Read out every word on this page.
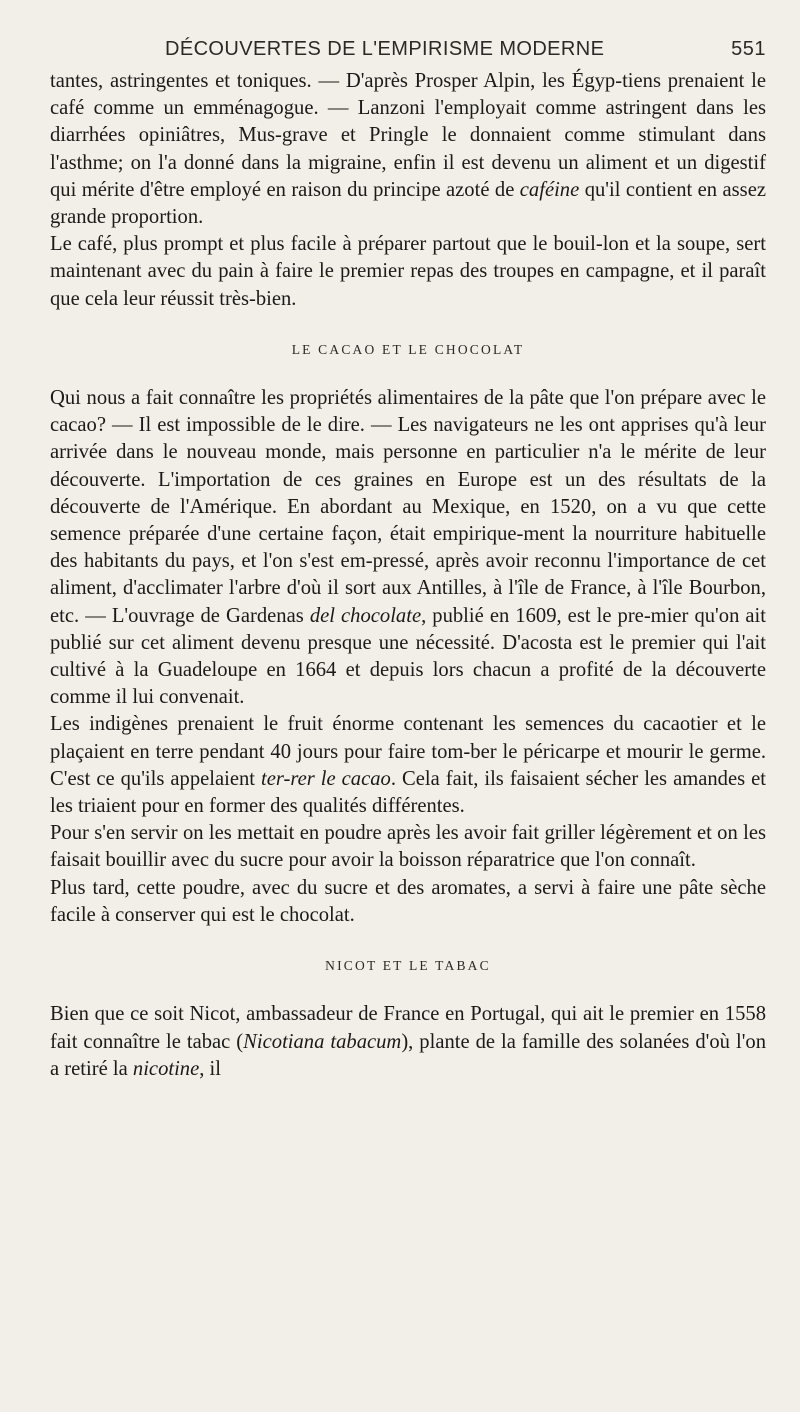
DÉCOUVERTES DE L'EMPIRISME MODERNE	551

tantes, astringentes et toniques. — D'après Prosper Alpin, les Égyp-tiens prenaient le café comme un emménagogue. — Lanzoni l'employait comme astringent dans les diarrhées opiniâtres, Mus-grave et Pringle le donnaient comme stimulant dans l'asthme; on l'a donné dans la migraine, enfin il est devenu un aliment et un digestif qui mérite d'être employé en raison du principe azoté de caféine qu'il contient en assez grande proportion.

Le café, plus prompt et plus facile à préparer partout que le bouil-lon et la soupe, sert maintenant avec du pain à faire le premier repas des troupes en campagne, et il paraît que cela leur réussit très-bien.

LE CACAO ET LE CHOCOLAT

Qui nous a fait connaître les propriétés alimentaires de la pâte que l'on prépare avec le cacao? — Il est impossible de le dire. — Les navigateurs ne les ont apprises qu'à leur arrivée dans le nouveau monde, mais personne en particulier n'a le mérite de leur découverte. L'importation de ces graines en Europe est un des résultats de la découverte de l'Amérique. En abordant au Mexique, en 1520, on a vu que cette semence préparée d'une certaine façon, était empirique-ment la nourriture habituelle des habitants du pays, et l'on s'est em-pressé, après avoir reconnu l'importance de cet aliment, d'acclimater l'arbre d'où il sort aux Antilles, à l'île de France, à l'île Bourbon, etc. — L'ouvrage de Gardenas del chocolate, publié en 1609, est le pre-mier qu'on ait publié sur cet aliment devenu presque une nécessité. D'acosta est le premier qui l'ait cultivé à la Guadeloupe en 1664 et depuis lors chacun a profité de la découverte comme il lui convenait.

Les indigènes prenaient le fruit énorme contenant les semences du cacaotier et le plaçaient en terre pendant 40 jours pour faire tom-ber le péricarpe et mourir le germe. C'est ce qu'ils appelaient ter-rer le cacao. Cela fait, ils faisaient sécher les amandes et les triaient pour en former des qualités différentes.

Pour s'en servir on les mettait en poudre après les avoir fait griller légèrement et on les faisait bouillir avec du sucre pour avoir la boisson réparatrice que l'on connaît.

Plus tard, cette poudre, avec du sucre et des aromates, a servi à faire une pâte sèche facile à conserver qui est le chocolat.

NICOT ET LE TABAC

Bien que ce soit Nicot, ambassadeur de France en Portugal, qui ait le premier en 1558 fait connaître le tabac (Nicotiana tabacum), plante de la famille des solanées d'où l'on a retiré la nicotine, il
